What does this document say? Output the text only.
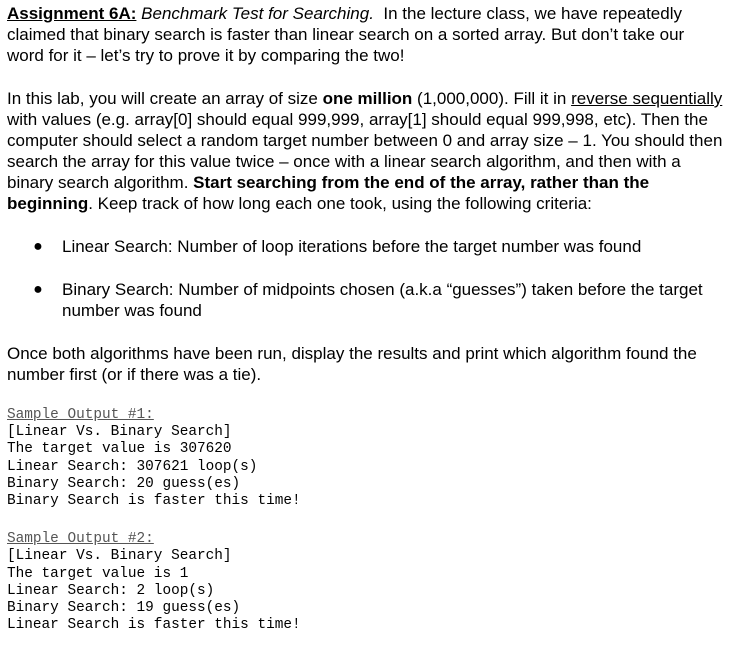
Assignment 6A: Benchmark Test for Searching. In the lecture class, we have repeatedly claimed that binary search is faster than linear search on a sorted array. But don’t take our word for it – let’s try to prove it by comparing the two!

In this lab, you will create an array of size one million (1,000,000). Fill it in reverse sequentially with values (e.g. array[0] should equal 999,999, array[1] should equal 999,998, etc). Then the computer should select a random target number between 0 and array size – 1. You should then search the array for this value twice – once with a linear search algorithm, and then with a binary search algorithm. Start searching from the end of the array, rather than the beginning. Keep track of how long each one took, using the following criteria:

● Linear Search: Number of loop iterations before the target number was found
● Binary Search: Number of midpoints chosen (a.k.a “guesses”) taken before the target number was found

Once both algorithms have been run, display the results and print which algorithm found the number first (or if there was a tie).

Sample Output #1:
[Linear Vs. Binary Search]
The target value is 307620
Linear Search: 307621 loop(s)
Binary Search: 20 guess(es)
Binary Search is faster this time!
Sample Output #2:
[Linear Vs. Binary Search]
The target value is 1
Linear Search: 2 loop(s)
Binary Search: 19 guess(es)
Linear Search is faster this time!
